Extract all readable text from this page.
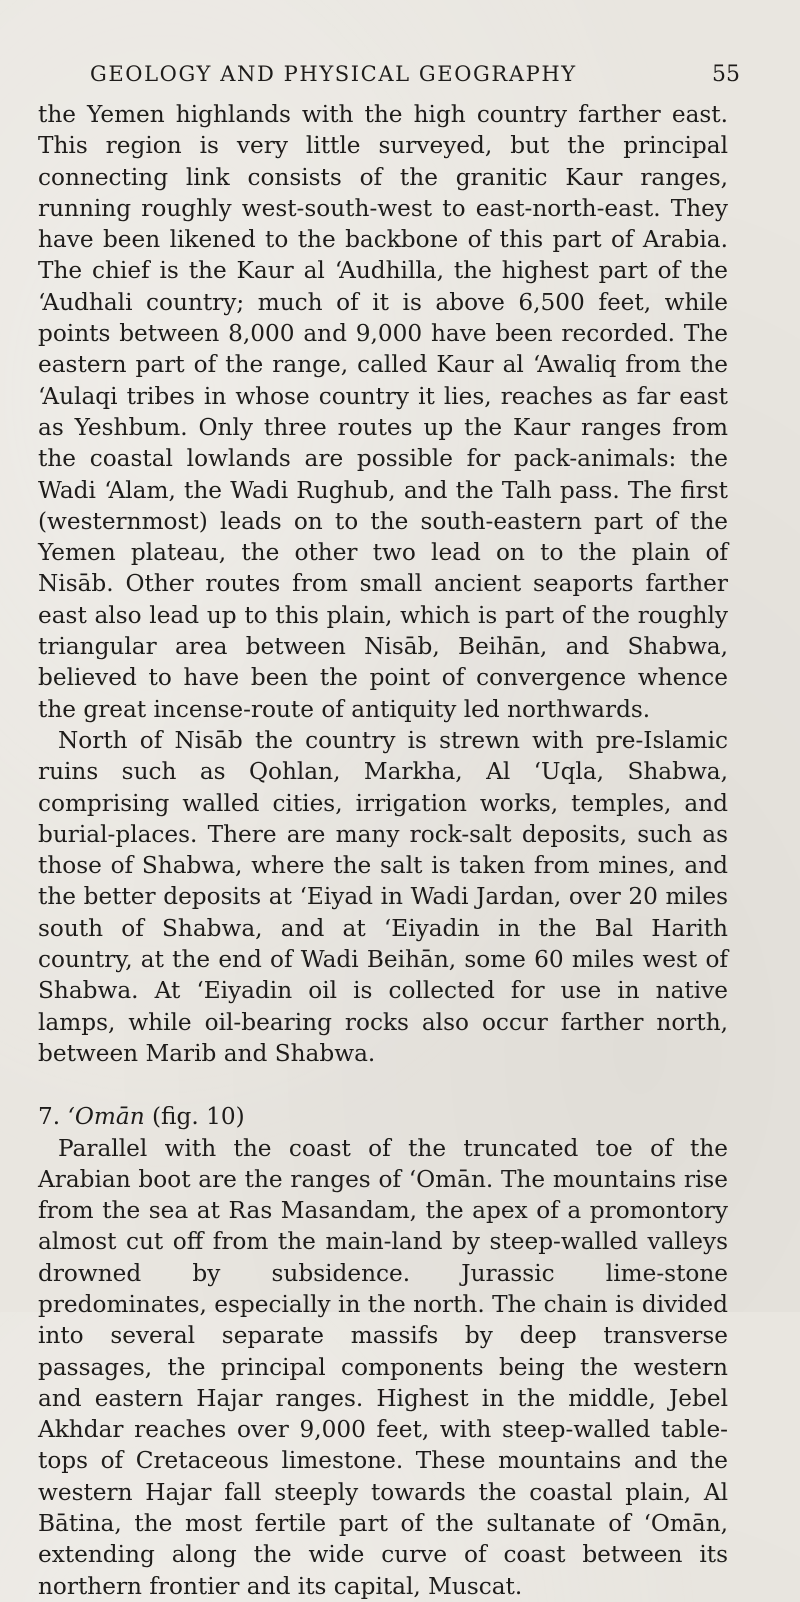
GEOLOGY AND PHYSICAL GEOGRAPHY	55

the Yemen highlands with the high country farther east. This region is very little surveyed, but the principal connecting link consists of the granitic Kaur ranges, running roughly west-south-west to east-north-east. They have been likened to the backbone of this part of Arabia. The chief is the Kaur al ‘Audhilla, the highest part of the ‘Audhali country; much of it is above 6,500 feet, while points between 8,000 and 9,000 have been recorded. The eastern part of the range, called Kaur al ‘Awaliq from the ‘Aulaqi tribes in whose country it lies, reaches as far east as Yeshbum. Only three routes up the Kaur ranges from the coastal lowlands are possible for pack-animals: the Wadi ‘Alam, the Wadi Rughub, and the Talh pass. The first (westernmost) leads on to the south-eastern part of the Yemen plateau, the other two lead on to the plain of Nisāb. Other routes from small ancient seaports farther east also lead up to this plain, which is part of the roughly triangular area between Nisāb, Beihān, and Shabwa, believed to have been the point of convergence whence the great incense-route of antiquity led northwards.

North of Nisāb the country is strewn with pre-Islamic ruins such as Qohlan, Markha, Al ‘Uqla, Shabwa, comprising walled cities, irrigation works, temples, and burial-places. There are many rock-salt deposits, such as those of Shabwa, where the salt is taken from mines, and the better deposits at ‘Eiyad in Wadi Jardan, over 20 miles south of Shabwa, and at ‘Eiyadin in the Bal Harith country, at the end of Wadi Beihān, some 60 miles west of Shabwa. At ‘Eiyadin oil is collected for use in native lamps, while oil-bearing rocks also occur farther north, between Marib and Shabwa.

7. ‘Omān (fig. 10)

Parallel with the coast of the truncated toe of the Arabian boot are the ranges of ‘Omān. The mountains rise from the sea at Ras Masandam, the apex of a promontory almost cut off from the main-land by steep-walled valleys drowned by subsidence. Jurassic lime-stone predominates, especially in the north. The chain is divided into several separate massifs by deep transverse passages, the principal components being the western and eastern Hajar ranges. Highest in the middle, Jebel Akhdar reaches over 9,000 feet, with steep-walled table-tops of Cretaceous limestone. These mountains and the western Hajar fall steeply towards the coastal plain, Al Bātina, the most fertile part of the sultanate of ‘Omān, extending along the wide curve of coast between its northern frontier and its capital, Muscat.
